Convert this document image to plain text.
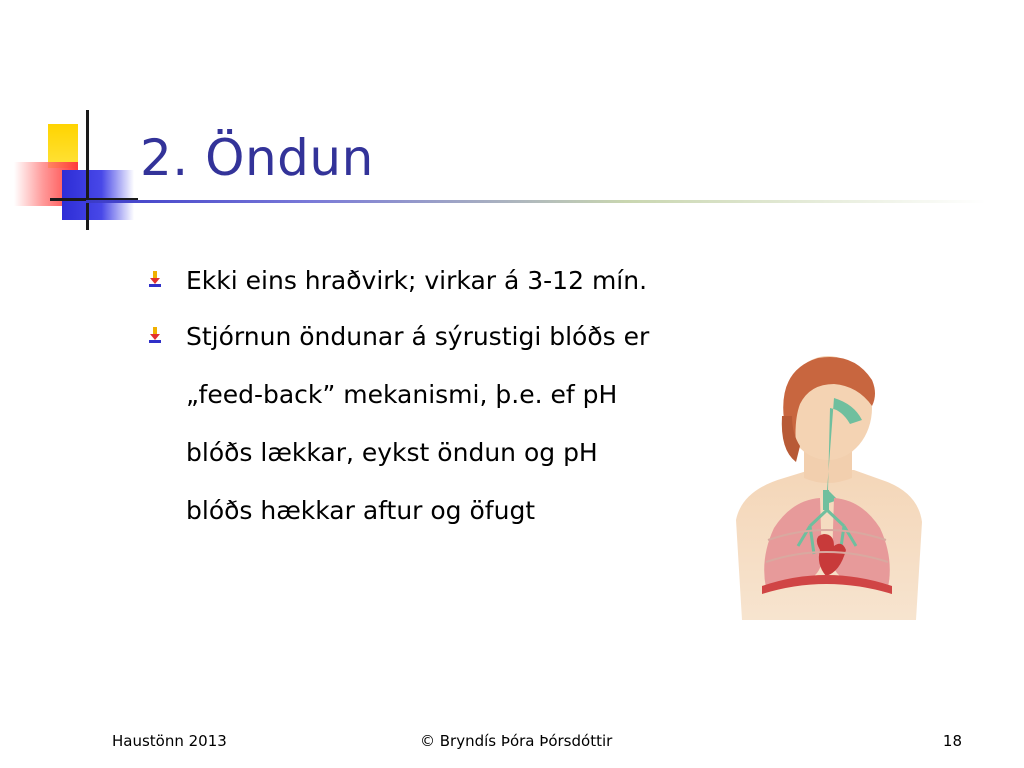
2. Öndun
Ekki eins hraðvirk; virkar á 3-12 mín.
Stjórnun öndunar á sýrustigi blóðs er
„feed-back” mekanismi, þ.e. ef pH
blóðs lækkar, eykst öndun og pH
blóðs hækkar aftur og öfugt
Haustönn 2013	© Bryndís Þóra Þórsdóttir	18
